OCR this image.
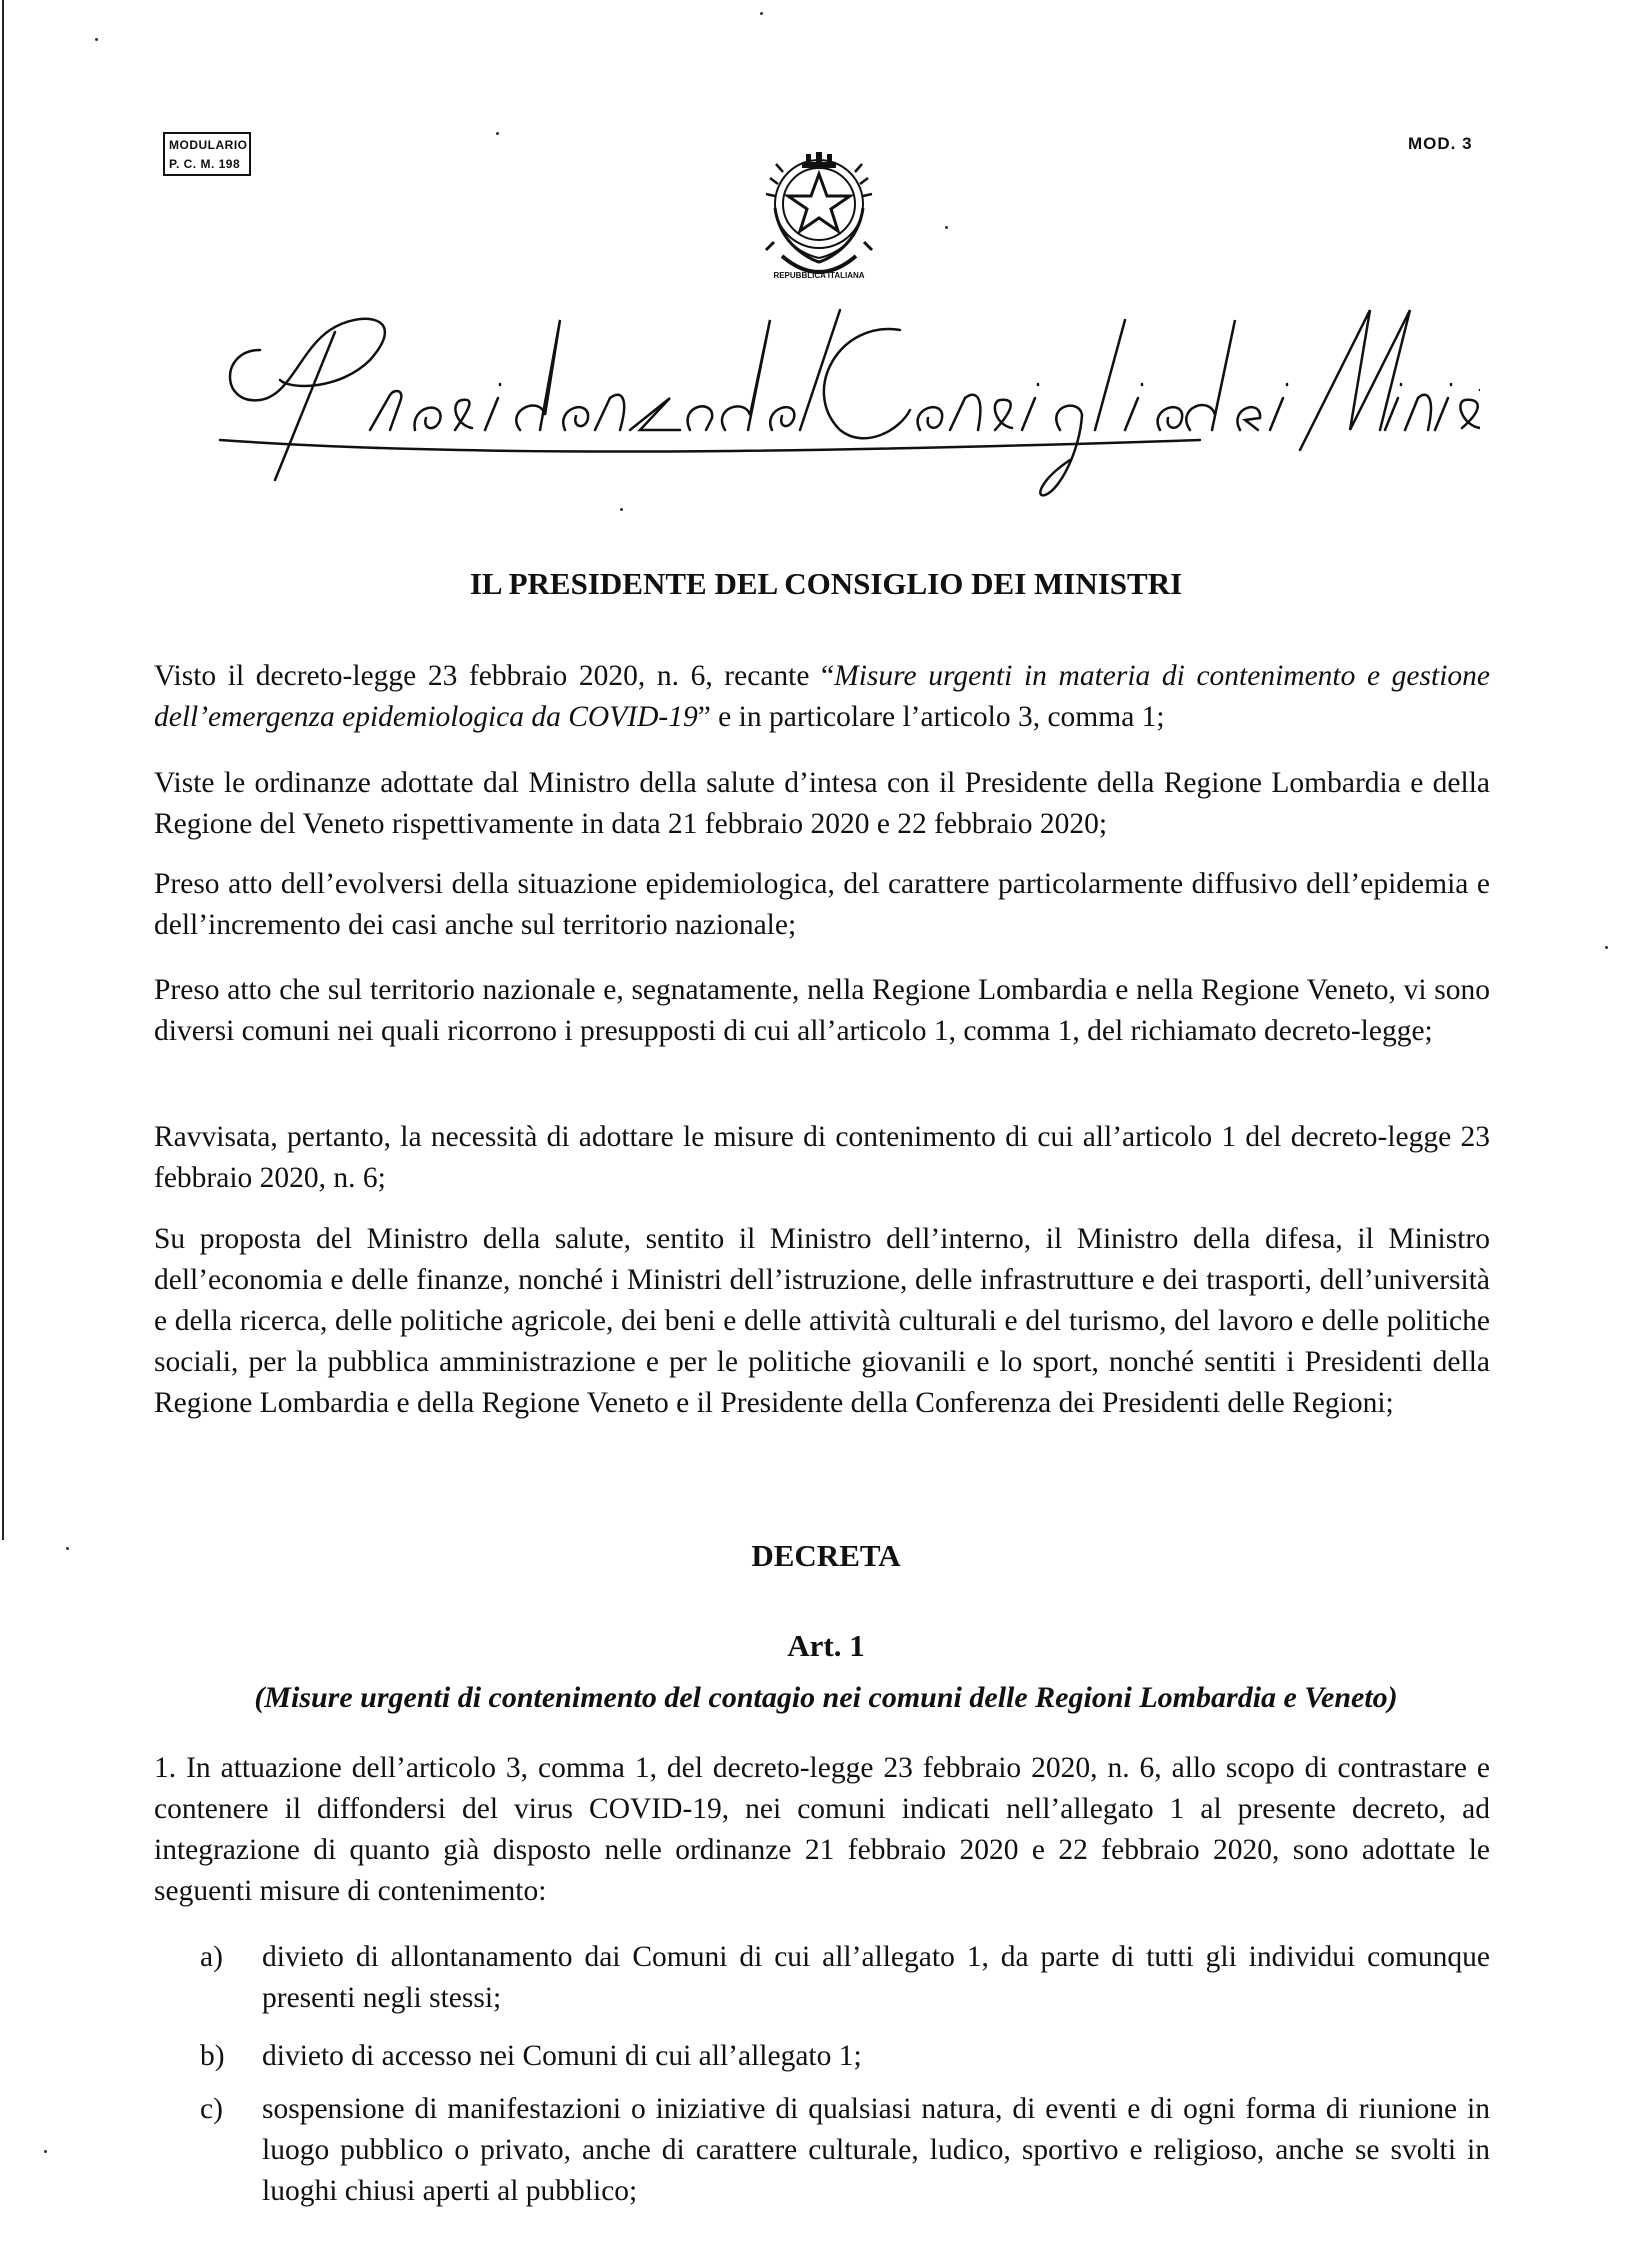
MODULARIO
P. C. M. 198
MOD. 3
REPUBBLICA ITALIANA
Presidenza del Consiglio dei Ministri
IL PRESIDENTE DEL CONSIGLIO DEI MINISTRI
Visto il decreto-legge 23 febbraio 2020, n. 6, recante “Misure urgenti in materia di contenimento e gestione dell’emergenza epidemiologica da COVID-19” e in particolare l’articolo 3, comma 1;
Viste le ordinanze adottate dal Ministro della salute d’intesa con il Presidente della Regione Lombardia e della Regione del Veneto rispettivamente in data 21 febbraio 2020 e 22 febbraio 2020;
Preso atto dell’evolversi della situazione epidemiologica, del carattere particolarmente diffusivo dell’epidemia e dell’incremento dei casi anche sul territorio nazionale;
Preso atto che sul territorio nazionale e, segnatamente, nella Regione Lombardia e nella Regione Veneto, vi sono diversi comuni nei quali ricorrono i presupposti di cui all’articolo 1, comma 1, del richiamato decreto-legge;
Ravvisata, pertanto, la necessità di adottare le misure di contenimento di cui all’articolo 1 del decreto-legge 23 febbraio 2020, n. 6;
Su proposta del Ministro della salute, sentito il Ministro dell’interno, il Ministro della difesa, il Ministro dell’economia e delle finanze, nonché i Ministri dell’istruzione, delle infrastrutture e dei trasporti, dell’università e della ricerca, delle politiche agricole, dei beni e delle attività culturali e del turismo, del lavoro e delle politiche sociali, per la pubblica amministrazione e per le politiche giovanili e lo sport, nonché sentiti i Presidenti della Regione Lombardia e della Regione Veneto e il Presidente della Conferenza dei Presidenti delle Regioni;
DECRETA
Art. 1
(Misure urgenti di contenimento del contagio nei comuni delle Regioni Lombardia e Veneto)
1. In attuazione dell’articolo 3, comma 1, del decreto-legge 23 febbraio 2020, n. 6, allo scopo di contrastare e contenere il diffondersi del virus COVID-19, nei comuni indicati nell’allegato 1 al presente decreto, ad integrazione di quanto già disposto nelle ordinanze 21 febbraio 2020 e 22 febbraio 2020, sono adottate le seguenti misure di contenimento:
a) divieto di allontanamento dai Comuni di cui all’allegato 1, da parte di tutti gli individui comunque presenti negli stessi;
b) divieto di accesso nei Comuni di cui all’allegato 1;
c) sospensione di manifestazioni o iniziative di qualsiasi natura, di eventi e di ogni forma di riunione in luogo pubblico o privato, anche di carattere culturale, ludico, sportivo e religioso, anche se svolti in luoghi chiusi aperti al pubblico;
